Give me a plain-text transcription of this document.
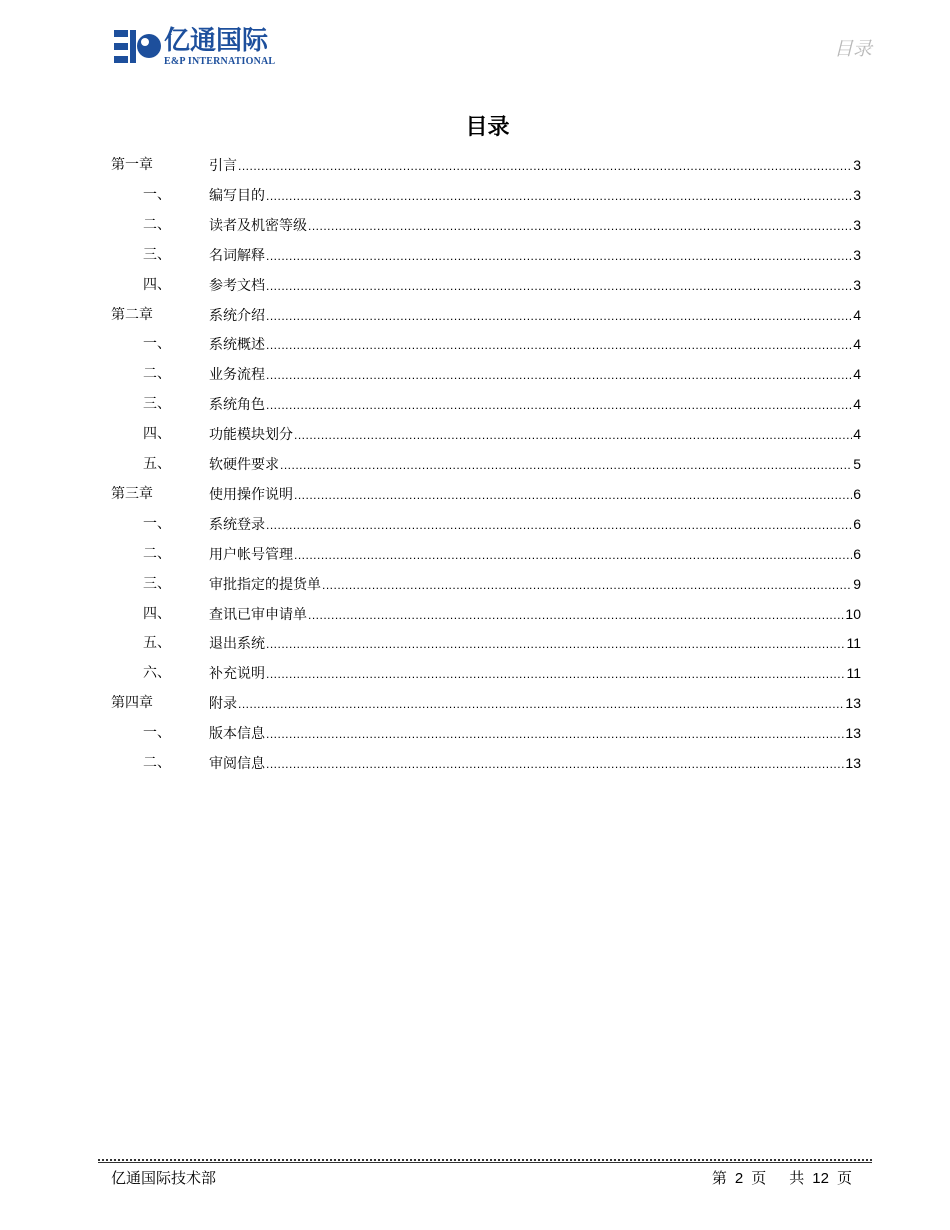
亿通国际
E&P INTERNATIONAL
目录
目录
第一章	引言 .....	3
一、	编写目的 .....	3
二、	读者及机密等级 .....	3
三、	名词解释 .....	3
四、	参考文档 .....	3
第二章	系统介绍 .....	4
一、	系统概述 .....	4
二、	业务流程 .....	4
三、	系统角色 .....	4
四、	功能模块划分 .....	4
五、	软硬件要求 .....	5
第三章	使用操作说明 .....	6
一、	系统登录 .....	6
二、	用户帐号管理 .....	6
三、	审批指定的提货单 .....	9
四、	查讯已审申请单 .....	10
五、	退出系统 .....	11
六、	补充说明 .....	11
第四章	附录 .....	13
一、	版本信息 .....	13
二、	审阅信息 .....	13
亿通国际技术部	第 2 页 共 12 页
